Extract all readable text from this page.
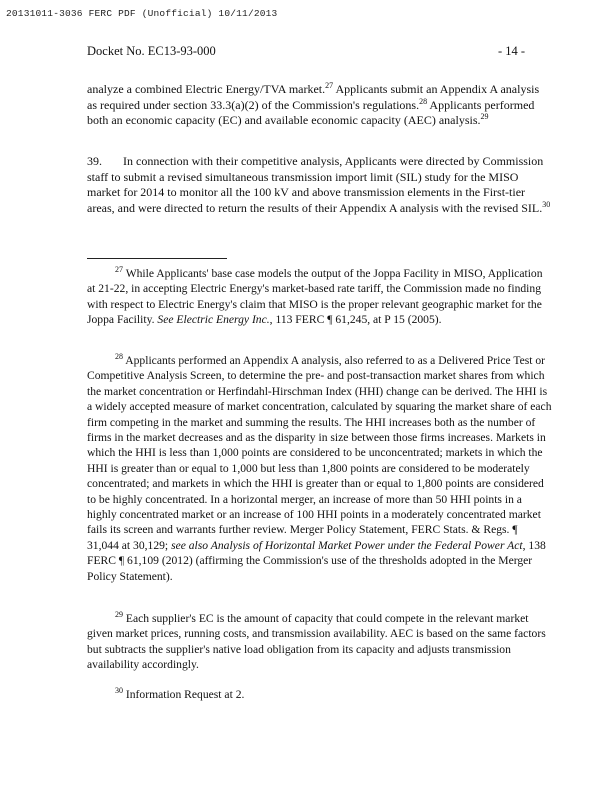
20131011-3036 FERC PDF (Unofficial) 10/11/2013
Docket No. EC13-93-000	- 14 -
analyze a combined Electric Energy/TVA market.$^{27}$ Applicants submit an Appendix A analysis as required under section 33.3(a)(2) of the Commission's regulations.$^{28}$ Applicants performed both an economic capacity (EC) and available economic capacity (AEC) analysis.$^{29}$
39. In connection with their competitive analysis, Applicants were directed by Commission staff to submit a revised simultaneous transmission import limit (SIL) study for the MISO market for 2014 to monitor all the 100 kV and above transmission elements in the First-tier areas, and were directed to return the results of their Appendix A analysis with the revised SIL.$^{30}$
$^{27}$ While Applicants' base case models the output of the Joppa Facility in MISO, Application at 21-22, in accepting Electric Energy's market-based rate tariff, the Commission made no finding with respect to Electric Energy's claim that MISO is the proper relevant geographic market for the Joppa Facility. See Electric Energy Inc., 113 FERC ¶ 61,245, at P 15 (2005).
$^{28}$ Applicants performed an Appendix A analysis, also referred to as a Delivered Price Test or Competitive Analysis Screen, to determine the pre- and post-transaction market shares from which the market concentration or Herfindahl-Hirschman Index (HHI) change can be derived. The HHI is a widely accepted measure of market concentration, calculated by squaring the market share of each firm competing in the market and summing the results. The HHI increases both as the number of firms in the market decreases and as the disparity in size between those firms increases. Markets in which the HHI is less than 1,000 points are considered to be unconcentrated; markets in which the HHI is greater than or equal to 1,000 but less than 1,800 points are considered to be moderately concentrated; and markets in which the HHI is greater than or equal to 1,800 points are considered to be highly concentrated. In a horizontal merger, an increase of more than 50 HHI points in a highly concentrated market or an increase of 100 HHI points in a moderately concentrated market fails its screen and warrants further review. Merger Policy Statement, FERC Stats. & Regs. ¶ 31,044 at 30,129; see also Analysis of Horizontal Market Power under the Federal Power Act, 138 FERC ¶ 61,109 (2012) (affirming the Commission's use of the thresholds adopted in the Merger Policy Statement).
$^{29}$ Each supplier's EC is the amount of capacity that could compete in the relevant market given market prices, running costs, and transmission availability. AEC is based on the same factors but subtracts the supplier's native load obligation from its capacity and adjusts transmission availability accordingly.
$^{30}$ Information Request at 2.
